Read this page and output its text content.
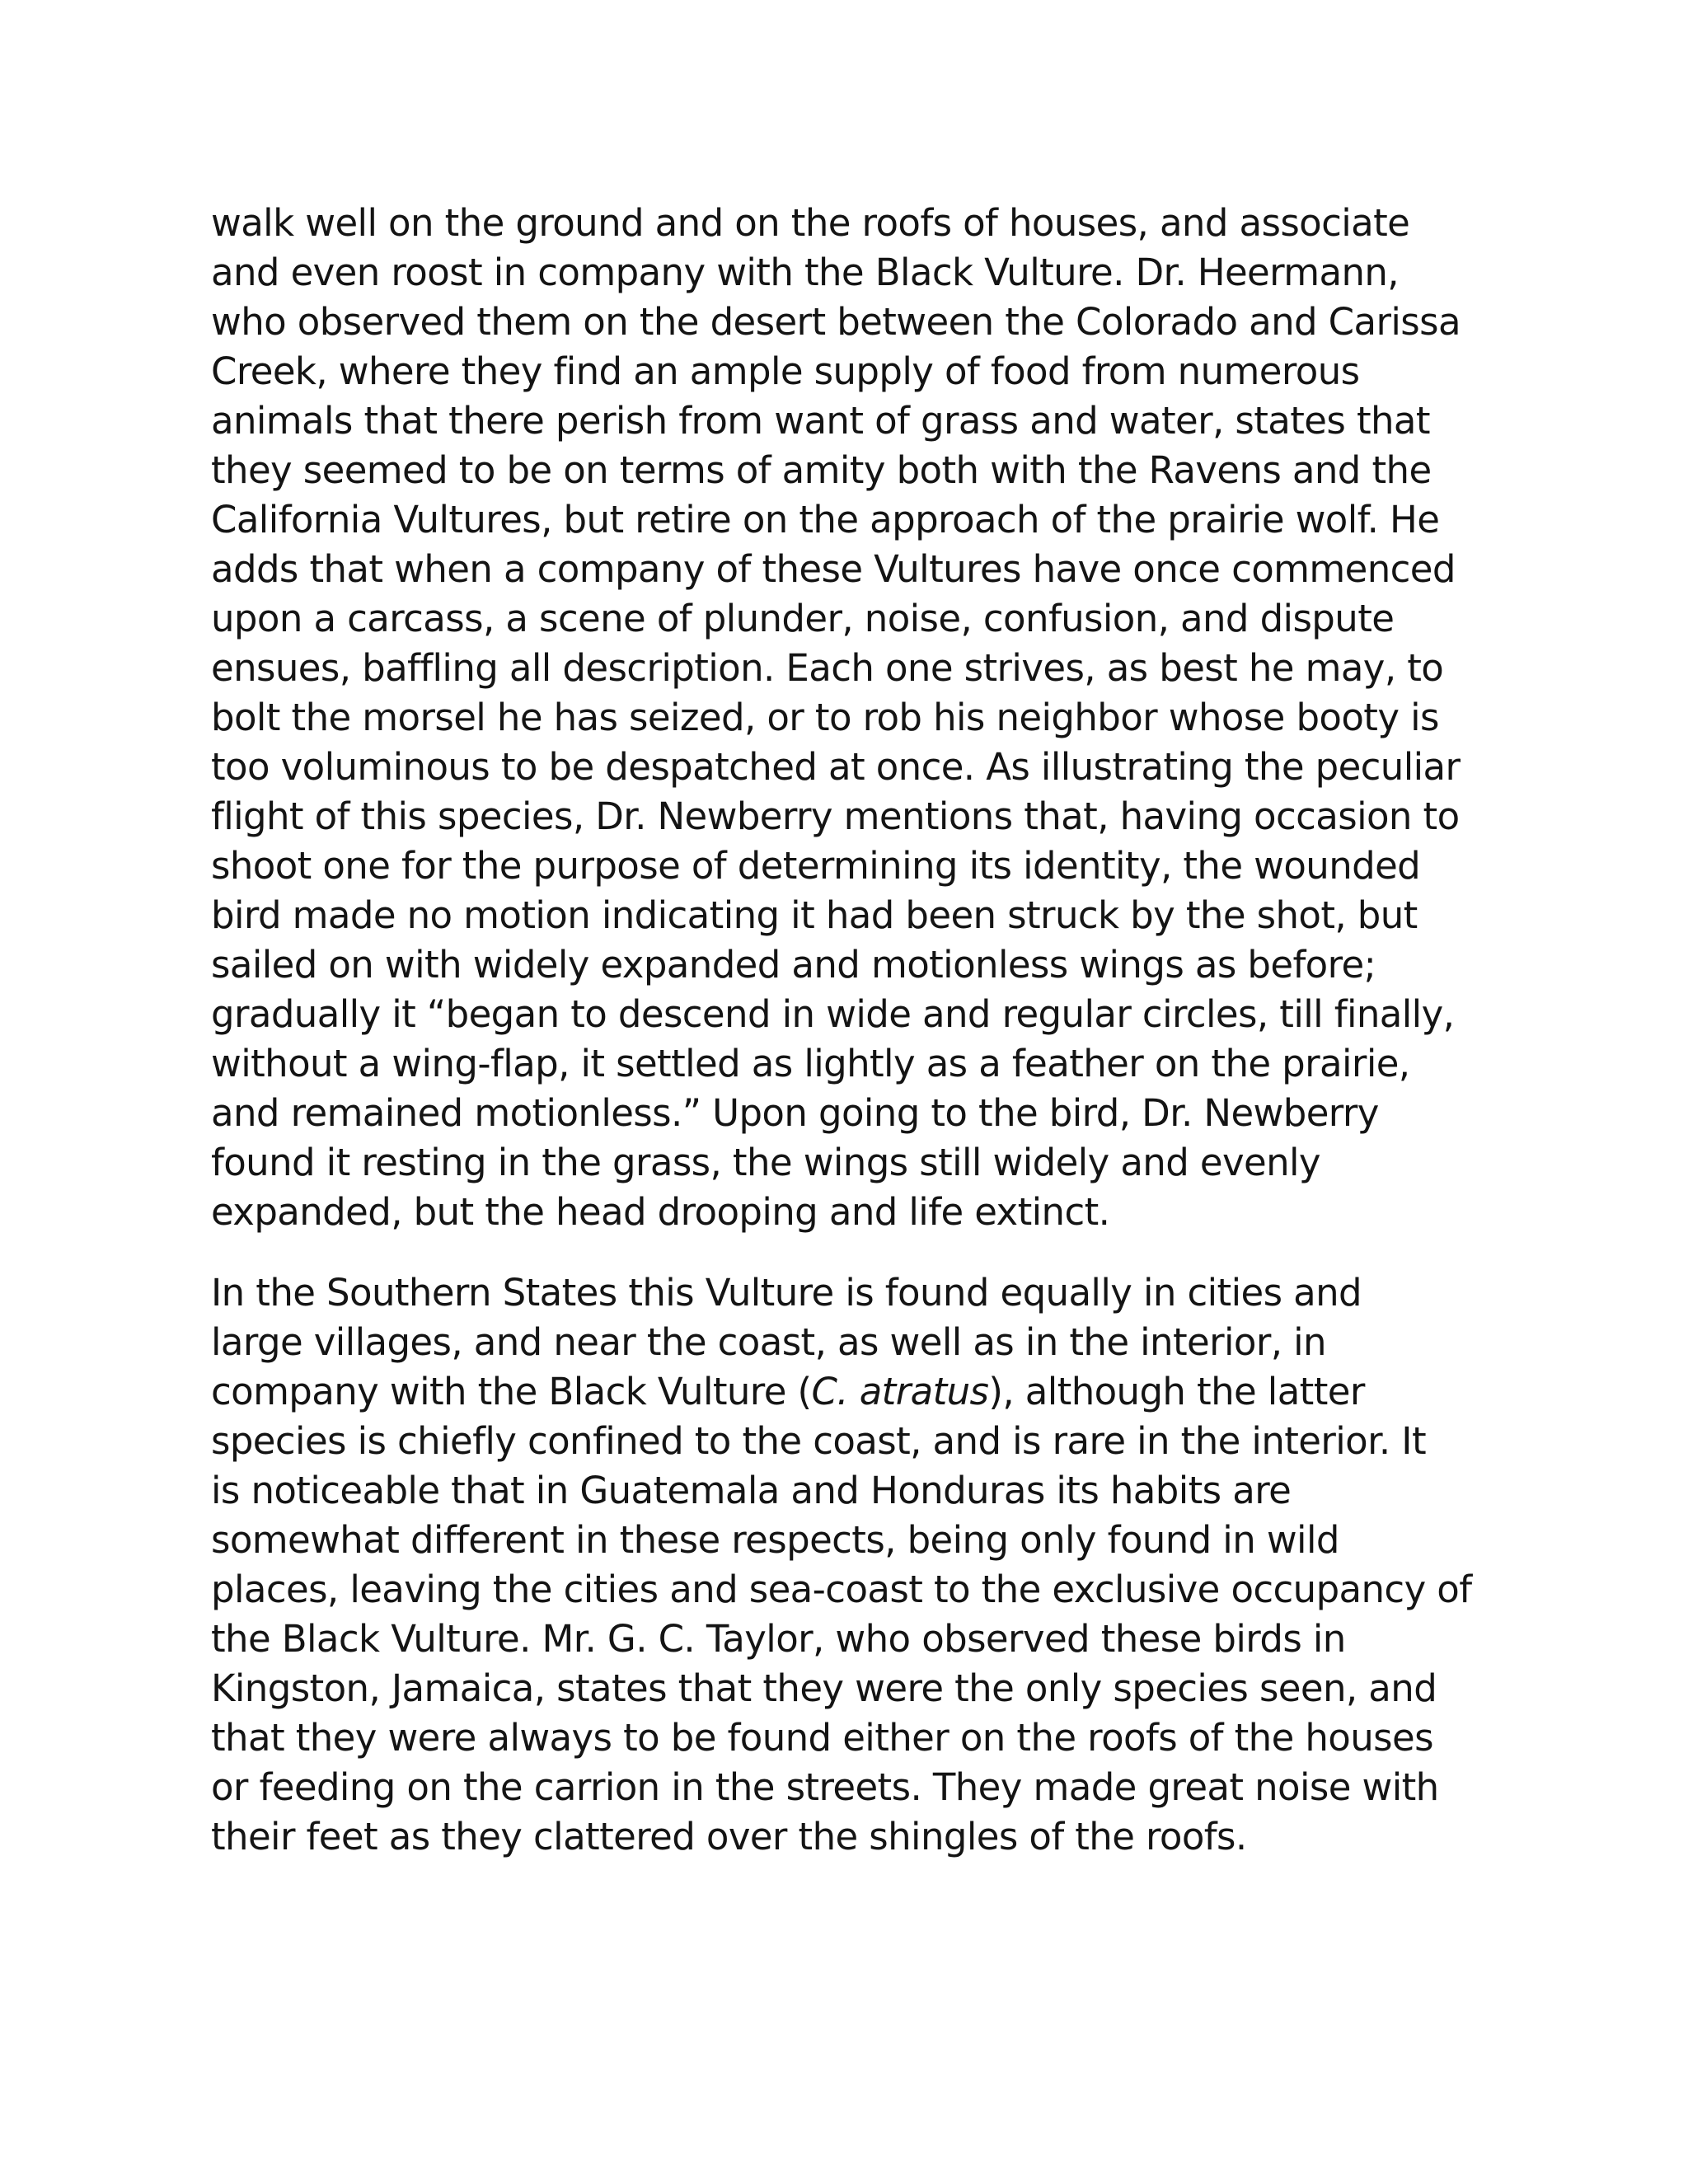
walk well on the ground and on the roofs of houses, and associate
and even roost in company with the Black Vulture. Dr. Heermann,
who observed them on the desert between the Colorado and Carissa
Creek, where they find an ample supply of food from numerous
animals that there perish from want of grass and water, states that
they seemed to be on terms of amity both with the Ravens and the
California Vultures, but retire on the approach of the prairie wolf. He
adds that when a company of these Vultures have once commenced
upon a carcass, a scene of plunder, noise, confusion, and dispute
ensues, baffling all description. Each one strives, as best he may, to
bolt the morsel he has seized, or to rob his neighbor whose booty is
too voluminous to be despatched at once. As illustrating the peculiar
flight of this species, Dr. Newberry mentions that, having occasion to
shoot one for the purpose of determining its identity, the wounded
bird made no motion indicating it had been struck by the shot, but
sailed on with widely expanded and motionless wings as before;
gradually it “began to descend in wide and regular circles, till finally,
without a wing-flap, it settled as lightly as a feather on the prairie,
and remained motionless.” Upon going to the bird, Dr. Newberry
found it resting in the grass, the wings still widely and evenly
expanded, but the head drooping and life extinct.

In the Southern States this Vulture is found equally in cities and
large villages, and near the coast, as well as in the interior, in
company with the Black Vulture (C. atratus), although the latter
species is chiefly confined to the coast, and is rare in the interior. It
is noticeable that in Guatemala and Honduras its habits are
somewhat different in these respects, being only found in wild
places, leaving the cities and sea-coast to the exclusive occupancy of
the Black Vulture. Mr. G. C. Taylor, who observed these birds in
Kingston, Jamaica, states that they were the only species seen, and
that they were always to be found either on the roofs of the houses
or feeding on the carrion in the streets. They made great noise with
their feet as they clattered over the shingles of the roofs.
